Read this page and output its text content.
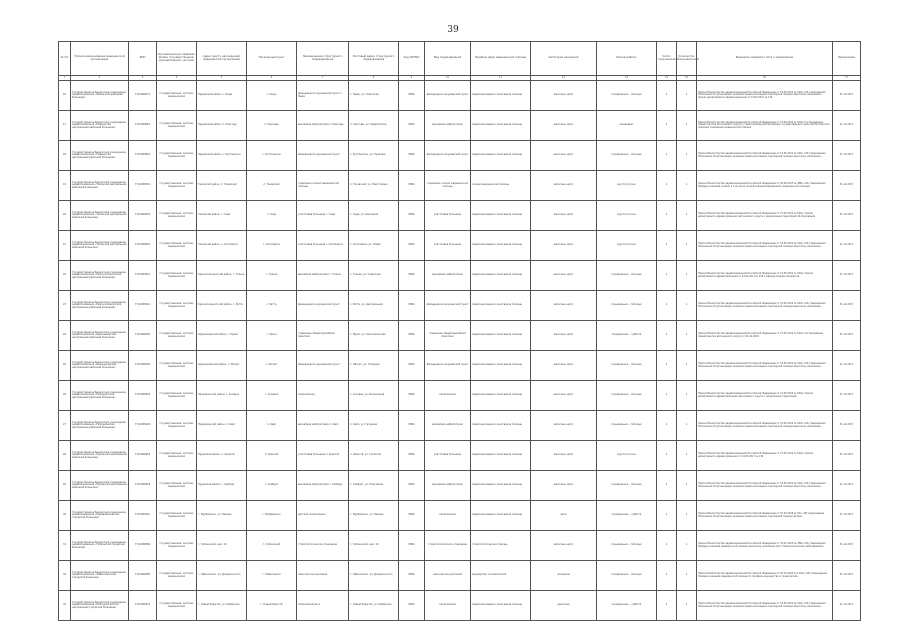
39
№ п/п	Полное наименование медицинской организации	ИНН	Организационно-правовая форма (государственная, муниципальная, частная)	Адрес (место нахождения) медицинской организации	Населенный пункт	Наименование структурного подразделения	Почтовый адрес структурного подразделения	Код ОКТМО	Вид подразделения	Профиль (вид) медицинской помощи	Категория населения	Режим работы	Число пользователей	Количество пользователей	Реквизиты правового акта о закреплении	Примечание
1	2	3	4	5	6	7	8	9	10	11	12	13	14	15	16	17

16	Государственное бюджетное учреждение здравоохранения «Ямальская районная больница»	7710480071	государственная, частная, медицинская	Надымский район, с. Ныда	с. Ныда	фельдшерско-акушерский пункт с. Ныда	с. Ныда, ул. Советская	8994	фельдшерско-акушерский пункт	первичная медико-санитарная помощь	взрослые, дети	понедельник – пятница	1	1	Приказ Министерства здравоохранения Российской Федерации от 15.05.2012 № 543н «Об утверждении Положения об организации оказания первичной медико-санитарной помощи взрослому населению»; приказ департамента здравоохранения от 14.03.2017 № 139	31.12.2017

17	Государственное бюджетное учреждение здравоохранения «Надымская центральная районная больница»	7710480963	государственная, частная, медицинская	Надымский район, п. Пангоды	п. Пангоды	врачебная амбулатория п. Пангоды	п. Пангоды, ул. Энергетиков	8994	врачебная амбулатория	первичная медико-санитарная помощь	взрослые, дети	ежедневно	1	1	Приказ Министерства здравоохранения Российской Федерации от 15.05.2012 № 543н; постановление правительства автономного округа о территориальной программе государственных гарантий бесплатного оказания гражданам медицинской помощи	31.12.2017

18	Государственное бюджетное учреждение здравоохранения «Надымская центральная районная больница»	7710480963	государственная, частная, медицинская	Надымский район, с. Кутопьюган	с. Кутопьюган	фельдшерско-акушерский пункт	с. Кутопьюган, ул. Пушкина	8994	фельдшерско-акушерский пункт	первичная медико-санитарная помощь	взрослые, дети	понедельник – пятница	1	1	Приказ Министерства здравоохранения Российской Федерации от 15.05.2012 № 543н «Об утверждении Положения об организации оказания первичной медико-санитарной помощи взрослому населению»	31.12.2017

19	Государственное бюджетное учреждение здравоохранения «Тазовская центральная районная больница»	7710480952	государственная, частная, медицинская	Тазовский район, п. Тазовский	п. Тазовский	отделение скорой медицинской помощи	п. Тазовский, ул. Пиеттомина	8994	отделение скорой медицинской помощи	скорая медицинская помощь	взрослые, дети	круглосуточно	1	1	Приказ Министерства здравоохранения Российской Федерации от 20.06.2013 № 388н «Об утверждении Порядка оказания скорой, в том числе скорой специализированной, медицинской помощи»	31.12.2017

20	Государственное бюджетное учреждение здравоохранения «Тазовская центральная районная больница»	7710480952	государственная, частная, медицинская	Тазовский район, с. Гыда	с. Гыда	участковая больница с. Гыда	с. Гыда, ул. Школьная	8994	участковая больница	первичная медико-санитарная помощь	взрослые, дети	круглосуточно	1	1	Приказ Министерства здравоохранения Российской Федерации от 15.05.2012 № 543н; приказ департамента здравоохранения автономного округа о закреплении территорий обслуживания	31.12.2017

21	Государственное бюджетное учреждение здравоохранения «Тазовская центральная районная больница»	7710480952	государственная, частная, медицинская	Тазовский район, с. Антипаюта	с. Антипаюта	участковая больница с. Антипаюта	с. Антипаюта, ул. Новая	8994	участковая больница	первичная медико-санитарная помощь	взрослые, дети	круглосуточно	1	1	Приказ Министерства здравоохранения Российской Федерации от 15.05.2012 № 543н «Об утверждении Положения об организации оказания первичной медико-санитарной помощи взрослому населению»	31.12.2017

22	Государственное бюджетное учреждение здравоохранения «Красноселькупская центральная районная больница»	7710480941	государственная, частная, медицинская	Красноселькупский район, с. Толька	с. Толька	врачебная амбулатория с. Толька	с. Толька, ул. Советская	8994	врачебная амбулатория	первичная медико-санитарная помощь	взрослые, дети	понедельник – пятница	1	1	Приказ Министерства здравоохранения Российской Федерации от 15.05.2012 № 543н; приказ департамента здравоохранения от 14.03.2017 № 139 о маршрутизации пациентов	31.12.2017

23	Государственное бюджетное учреждение здравоохранения «Красноселькупская центральная районная больница»	7710480941	государственная, частная, медицинская	Красноселькупский район, с. Ратта	с. Ратта	фельдшерско-акушерский пункт	с. Ратта, ул. Центральная	8994	фельдшерско-акушерский пункт	первичная медико-санитарная помощь	взрослые, дети	понедельник – пятница	1	1	Приказ Министерства здравоохранения Российской Федерации от 15.05.2012 № 543н «Об утверждении Положения об организации оказания первичной медико-санитарной помощи взрослому населению»	31.12.2017

24	Государственное бюджетное учреждение здравоохранения «Шурышкарская центральная районная больница»	7710480930	государственная, частная, медицинская	Шурышкарский район, с. Мужи	с. Мужи	отделение общей врачебной практики	с. Мужи, ул. Комсомольская	8994	отделение общей врачебной практики	первичная медико-санитарная помощь	взрослые, дети	понедельник – суббота	1	1	Приказ Министерства здравоохранения Российской Федерации от 15.05.2012 № 543н; постановление правительства автономного округа от 26.12.2016	31.12.2017

25	Государственное бюджетное учреждение здравоохранения «Шурышкарская центральная районная больница»	7710480930	государственная, частная, медицинская	Шурышкарский район, с. Овгорт	с. Овгорт	фельдшерско-акушерский пункт	с. Овгорт, ул. Гагарина	8994	фельдшерско-акушерский пункт	первичная медико-санитарная помощь	взрослые, дети	понедельник – пятница	1	1	Приказ Министерства здравоохранения Российской Федерации от 15.05.2012 № 543н «Об утверждении Положения об организации оказания первичной медико-санитарной помощи взрослому населению»	31.12.2017

26	Государственное бюджетное учреждение здравоохранения «Приуральская центральная районная больница»	7710480929	государственная, частная, медицинская	Приуральский район, с. Аксарка	с. Аксарка	поликлиника	с. Аксарка, ул. Больничная	8994	поликлиника	первичная медико-санитарная помощь	взрослые, дети	понедельник – пятница	1	1	Приказ Министерства здравоохранения Российской Федерации от 15.05.2012 № 543н; приказ департамента здравоохранения автономного округа о закреплении территорий	31.12.2017

27	Государственное бюджетное учреждение здравоохранения «Приуральская центральная районная больница»	7710480929	государственная, частная, медицинская	Приуральский район, п. Харп	п. Харп	врачебная амбулатория п. Харп	п. Харп, ул. Гагарина	8994	врачебная амбулатория	первичная медико-санитарная помощь	взрослые, дети	понедельник – пятница	1	1	Приказ Министерства здравоохранения Российской Федерации от 15.05.2012 № 543н «Об утверждении Положения об организации оказания первичной медико-санитарной помощи взрослому населению»	31.12.2017

28	Государственное бюджетное учреждение здравоохранения «Пуровская центральная районная больница»	7710480918	государственная, частная, медицинская	Пуровский район, п. Уренгой	п. Уренгой	участковая больница п. Уренгой	п. Уренгой, ул. Геологов	8994	участковая больница	первичная медико-санитарная помощь	взрослые, дети	круглосуточно	1	1	Приказ Министерства здравоохранения Российской Федерации от 15.05.2012 № 543н; приказ департамента здравоохранения от 14.03.2017 № 139	31.12.2017

29	Государственное бюджетное учреждение здравоохранения «Пуровская центральная районная больница»	7710480918	государственная, частная, медицинская	Пуровский район, с. Самбург	с. Самбург	врачебная амбулатория с. Самбург	с. Самбург, ул. Подгорная	8994	врачебная амбулатория	первичная медико-санитарная помощь	взрослые, дети	понедельник – пятница	1	1	Приказ Министерства здравоохранения Российской Федерации от 15.05.2012 № 543н «Об утверждении Положения об организации оказания первичной медико-санитарной помощи взрослому населению»	31.12.2017

30	Государственное бюджетное учреждение здравоохранения «Муравленковская городская больница»	7710480907	государственная, частная, медицинская	г. Муравленко, ул. Ленина	г. Муравленко	детская поликлиника	г. Муравленко, ул. Ленина	8994	поликлиника	первичная медико-санитарная помощь	дети	понедельник – суббота	1	1	Приказ Министерства здравоохранения Российской Федерации от 07.03.2018 № 92н «Об утверждении Положения об организации оказания первичной медико-санитарной помощи детям»	31.12.2017

31	Государственное бюджетное учреждение здравоохранения «Губкинская городская больница»	7710480896	государственная, частная, медицинская	г. Губкинский, мкр. 10	г. Губкинский	стоматологическое отделение	г. Губкинский, мкр. 10	8994	стоматологическое отделение	стоматологическая помощь	взрослые, дети	понедельник – пятница	1	1	Приказ Министерства здравоохранения Российской Федерации от 31.07.2020 № 786н «Об утверждении Порядка оказания медицинской помощи взрослому населению при стоматологических заболеваниях»	31.12.2017

32	Государственное бюджетное учреждение здравоохранения «Лабытнангская городская больница»	7710480885	государственная, частная, медицинская	г. Лабытнанги, ул. Дзержинского	г. Лабытнанги	женская консультация	г. Лабытнанги, ул. Дзержинского	8994	женская консультация	акушерство и гинекология	женщины	понедельник – пятница	1	1	Приказ Министерства здравоохранения Российской Федерации от 20.10.2020 № 1130н «Об утверждении Порядка оказания медицинской помощи по профилю акушерство и гинекология»	31.12.2017

33	Государственное бюджетное учреждение здравоохранения «Новоуренгойская центральная городская больница»	7710480874	государственная, частная, медицинская	г. Новый Уренгой, ул. Сибирская	г. Новый Уренгой	поликлиника № 2	г. Новый Уренгой, ул. Сибирская	8994	поликлиника	первичная медико-санитарная помощь	взрослые	понедельник – суббота	1	1	Приказ Министерства здравоохранения Российской Федерации от 15.05.2012 № 543н «Об утверждении Положения об организации оказания первичной медико-санитарной помощи взрослому населению»	31.12.2017
